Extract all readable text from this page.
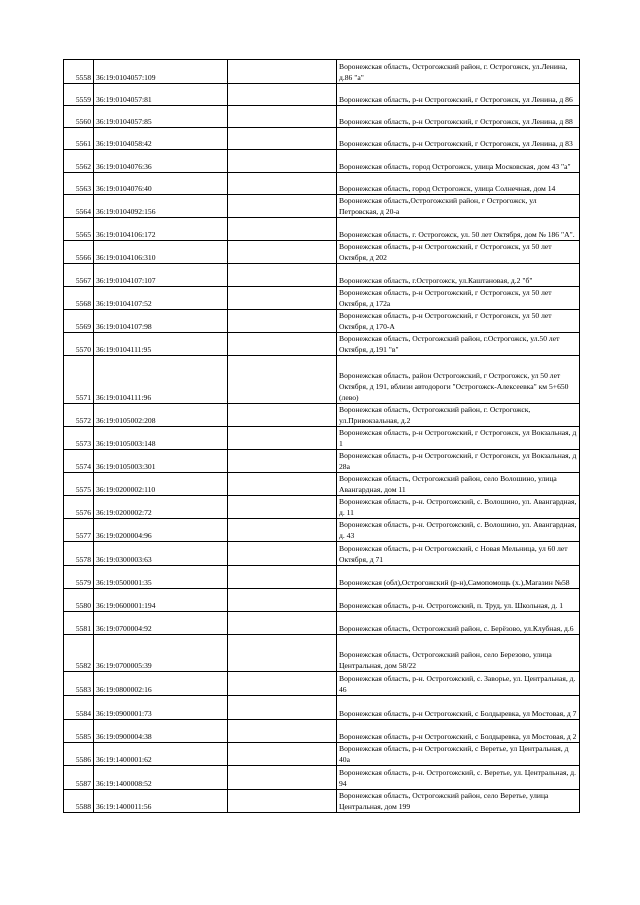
5558	36:19:0104057:109		Воронежская область, Острогожский район, г. Острогожск, ул.Ленина, д.86 "а"
5559	36:19:0104057:81		Воронежская область, р-н Острогожский, г Острогожск, ул Ленина, д 86
5560	36:19:0104057:85		Воронежская область, р-н Острогожский, г Острогожск, ул Ленина, д 88
5561	36:19:0104058:42		Воронежская область, р-н Острогожский, г Острогожск, ул Ленина, д 83
5562	36:19:0104076:36		Воронежская область, город Острогожск, улица Московская, дом 43 "а"
5563	36:19:0104076:40		Воронежская область, город Острогожск, улица Солнечная, дом 14
5564	36:19:0104092:156		Воронежская область,Острогожский район, г Острогожск, ул Петровская, д 20-а
5565	36:19:0104106:172		Воронежская область, г. Острогожск, ул. 50 лет Октября, дом № 186 "А".
5566	36:19:0104106:310		Воронежская область, р-н Острогожский, г Острогожск, ул 50 лет Октября, д 202
5567	36:19:0104107:107		Воронежская область, г.Острогожск, ул.Каштановая, д.2 "б"
5568	36:19:0104107:52		Воронежская область, р-н Острогожский, г Острогожск, ул 50 лет Октября, д 172а
5569	36:19:0104107:98		Воронежская область, р-н Острогожский, г Острогожск, ул 50 лет Октября, д 170-А
5570	36:19:0104111:95		Воронежская область, Острогожский район, г.Острогожск, ул.50 лет Октября, д.191 "в"
5571	36:19:0104111:96		Воронежская область, район Острогожский, г Острогожск, ул 50 лет Октября, д 191, вблизи автодороги "Острогожск-Алексеевка" км 5+650 (лево)
5572	36:19:0105002:208		Воронежская область, Острогожский район, г. Острогожск, ул.Привокзальная, д.2
5573	36:19:0105003:148		Воронежская область, р-н Острогожский, г Острогожск, ул Вокзальная, д 1
5574	36:19:0105003:301		Воронежская область, р-н Острогожский, г Острогожск, ул Вокзальная, д 28а
5575	36:19:0200002:110		Воронежская область, Острогожский район, село Волошино, улица Авангардная, дом 11
5576	36:19:0200002:72		Воронежская область, р-н. Острогожский, с. Волошино, ул. Авангардная, д. 11
5577	36:19:0200004:96		Воронежская область, р-н. Острогожский, с. Волошино, ул. Авангардная, д. 43
5578	36:19:0300003:63		Воронежская область, р-н Острогожский, с Новая Мельница, ул 60 лет Октября, д 71
5579	36:19:0500001:35		Воронежская (обл),Острогожский (р-н),Самопомощь (х.),Магазин №58
5580	36:19:0600001:194		Воронежская область, р-н. Острогожский, п. Труд, ул. Школьная, д. 1
5581	36:19:0700004:92		Воронежская область, Острогожский район, с. Берёзово, ул.Клубная, д.6
5582	36:19:0700005:39		Воронежская область, Острогожский район, село Березово, улица Центральная, дом 58/22
5583	36:19:0800002:16		Воронежская область, р-н. Острогожский, с. Заворье, ул. Центральная, д. 46
5584	36:19:0900001:73		Воронежская область, р-н Острогожский, с Болдыревка, ул Мостовая, д 7
5585	36:19:0900004:38		Воронежская область, р-н Острогожский, с Болдыревка, ул Мостовая, д 2
5586	36:19:1400001:62		Воронежская область, р-н Острогожский, с Веретье, ул Центральная, д 40а
5587	36:19:1400008:52		Воронежская область, р-н. Острогожский, с. Веретье, ул. Центральная, д. 94
5588	36:19:1400011:56		Воронежская область, Острогожский район, село Веретье, улица Центральная, дом 199
